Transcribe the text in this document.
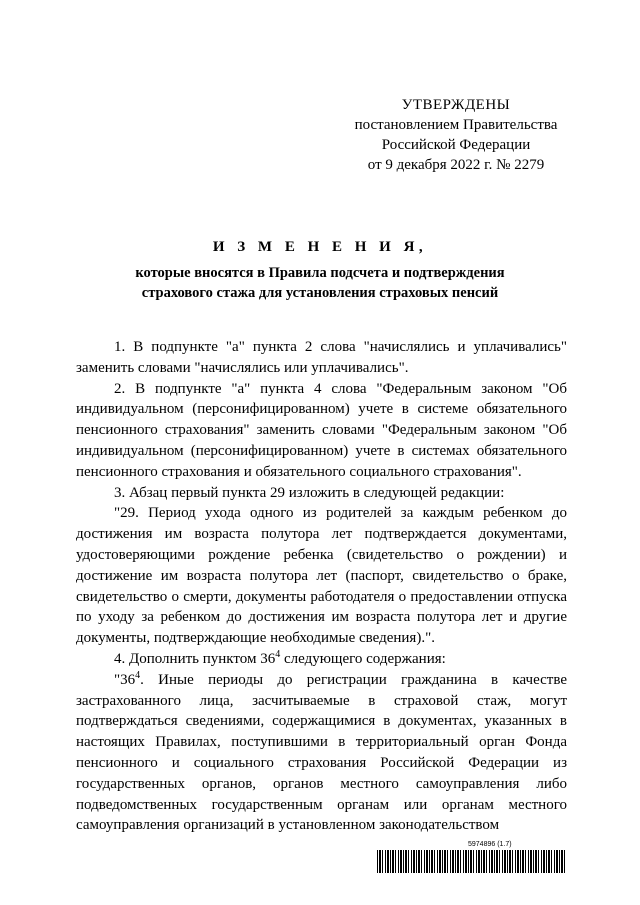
УТВЕРЖДЕНЫ
постановлением Правительства
Российской Федерации
от 9 декабря 2022 г. № 2279
И З М Е Н Е Н И Я,
которые вносятся в Правила подсчета и подтверждения
страхового стажа для установления страховых пенсий

1. В подпункте "а" пункта 2 слова "начислялись и уплачивались" заменить словами "начислялись или уплачивались".

2. В подпункте "а" пункта 4 слова "Федеральным законом "Об индивидуальном (персонифицированном) учете в системе обязательного пенсионного страхования" заменить словами "Федеральным законом "Об индивидуальном (персонифицированном) учете в системах обязательного пенсионного страхования и обязательного социального страхования".

3. Абзац первый пункта 29 изложить в следующей редакции:

"29. Период ухода одного из родителей за каждым ребенком до достижения им возраста полутора лет подтверждается документами, удостоверяющими рождение ребенка (свидетельство о рождении) и достижение им возраста полутора лет (паспорт, свидетельство о браке, свидетельство о смерти, документы работодателя о предоставлении отпуска по уходу за ребенком до достижения им возраста полутора лет и другие документы, подтверждающие необходимые сведения).".

4. Дополнить пунктом $36^4$ следующего содержания:

"$36^4$. Иные периоды до регистрации гражданина в качестве застрахованного лица, засчитываемые в страховой стаж, могут подтверждаться сведениями, содержащимися в документах, указанных в настоящих Правилах, поступившими в территориальный орган Фонда пенсионного и социального страхования Российской Федерации из государственных органов, органов местного самоуправления либо подведомственных государственным органам или органам местного самоуправления организаций в установленном законодательством

5974896 (1.7)
